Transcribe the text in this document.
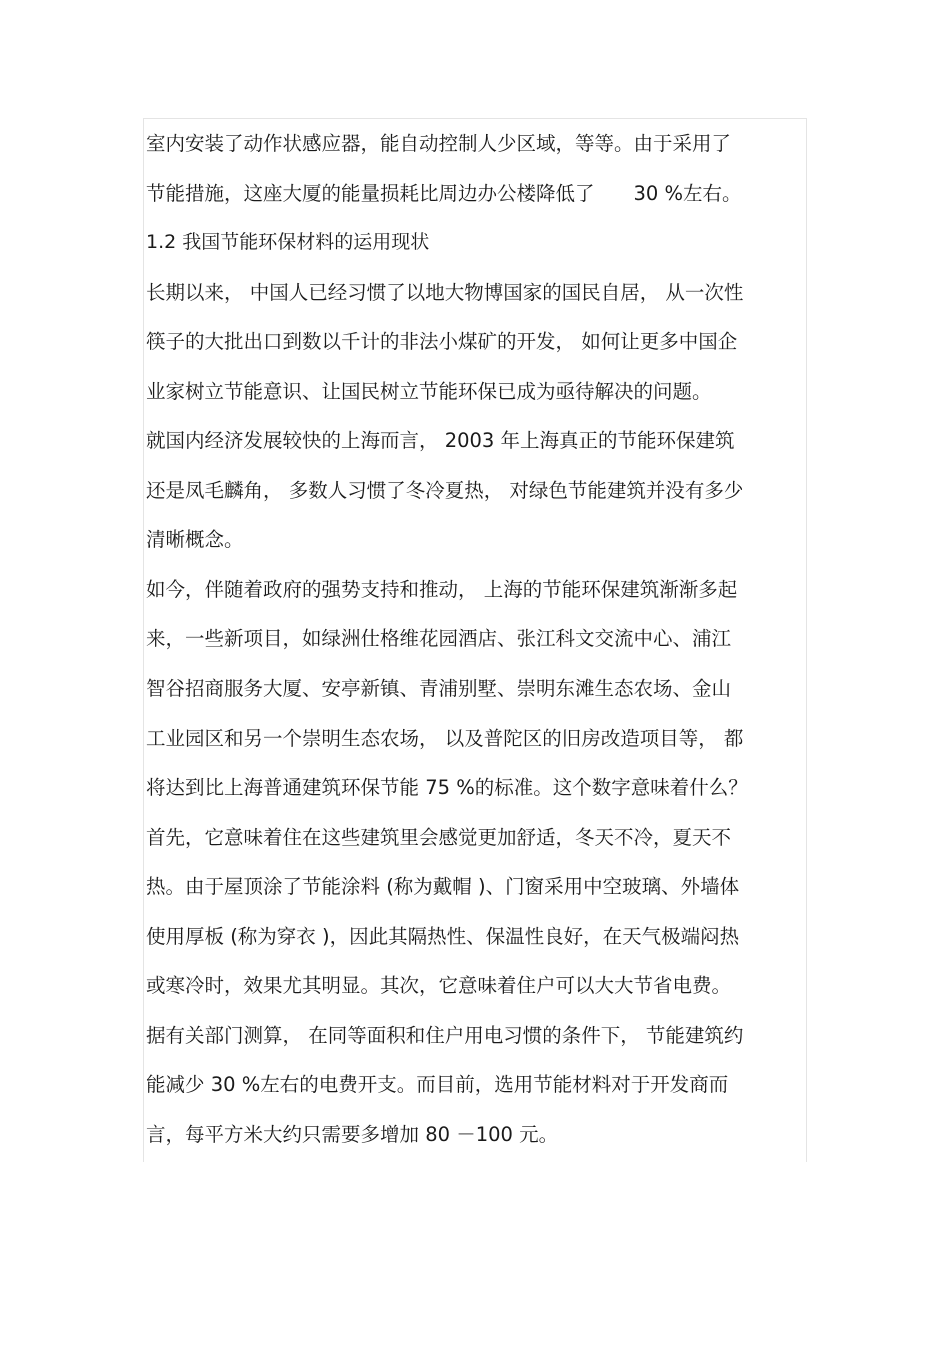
室内安装了动作状感应器，能自动控制人少区域，等等。由于采用了
节能措施，这座大厦的能量损耗比周边办公楼降低了　　30 %左右。
1.2 我国节能环保材料的运用现状
长期以来， 中国人已经习惯了以地大物博国家的国民自居， 从一次性
筷子的大批出口到数以千计的非法小煤矿的开发， 如何让更多中国企
业家树立节能意识、让国民树立节能环保已成为亟待解决的问题。
就国内经济发展较快的上海而言， 2003 年上海真正的节能环保建筑
还是凤毛麟角， 多数人习惯了冬冷夏热， 对绿色节能建筑并没有多少
清晰概念。
如今，伴随着政府的强势支持和推动， 上海的节能环保建筑渐渐多起
来，一些新项目，如绿洲仕格维花园酒店、张江科文交流中心、浦江
智谷招商服务大厦、安亭新镇、青浦别墅、崇明东滩生态农场、金山
工业园区和另一个崇明生态农场， 以及普陀区的旧房改造项目等， 都
将达到比上海普通建筑环保节能 75 %的标准。这个数字意味着什么？
首先，它意味着住在这些建筑里会感觉更加舒适，冬天不冷，夏天不
热。由于屋顶涂了节能涂料 (称为戴帽 )、门窗采用中空玻璃、外墙体
使用厚板 (称为穿衣 )，因此其隔热性、保温性良好，在天气极端闷热
或寒冷时，效果尤其明显。其次，它意味着住户可以大大节省电费。
据有关部门测算， 在同等面积和住户用电习惯的条件下， 节能建筑约
能减少 30 %左右的电费开支。而目前，选用节能材料对于开发商而
言，每平方米大约只需要多增加 80 －100 元。
